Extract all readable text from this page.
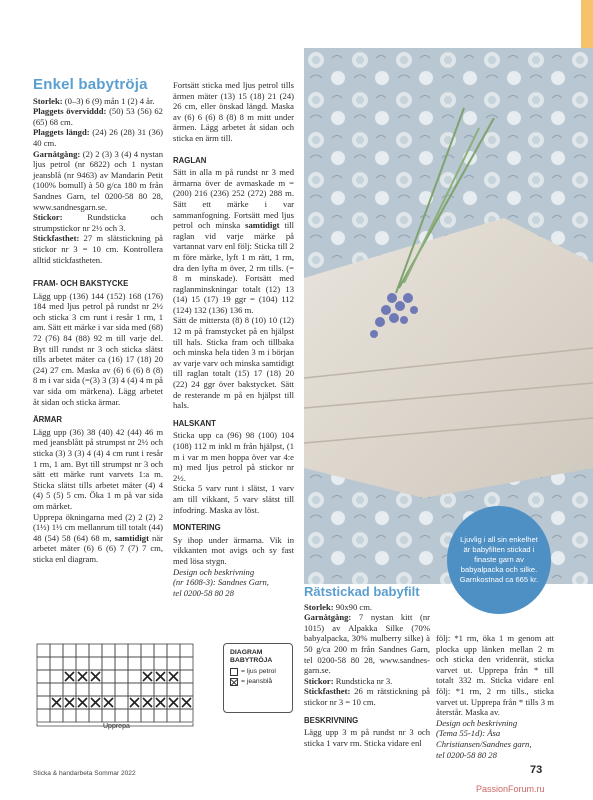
Enkel babytröja

Storlek: (0–3) 6 (9) mån 1 (2) 4 år.

Plaggets överviddd: (50) 53 (56) 62 (65) 68 cm.

Plaggets längd: (24) 26 (28) 31 (36) 40 cm.

Garnåtgång: (2) 2 (3) 3 (4) 4 nystan ljus petrol (nr 6822) och 1 nystan jeansblå (nr 9463) av Mandarin Petit (100% bomull) à 50 g/ca 180 m från Sandnes Garn, tel 0200-58 80 28, www.sandnesgarn.se.

Stickor:	Rundsticka och strumpstickor nr 2½ och 3.

Stickfasthet: 27 m slätstickning på stickor nr 3 = 10 cm. Kontrollera alltid stickfastheten.

FRAM- OCH BAKSTYCKE

Lägg upp (136) 144 (152) 168 (176) 184 med ljus petrol på rundst nr 2½ och sticka 3 cm runt i resår 1 rm, 1 am. Sätt ett märke i var sida med (68) 72 (76) 84 (88) 92 m till varje del. Byt till rundst nr 3 och sticka slätst tills arbetet mäter ca (16) 17 (18) 20 (24) 27 cm. Maska av (6) 6 (6) 8 (8) 8 m i var sida (=(3) 3 (3) 4 (4) 4 m på var sida om märkena). Lägg arbetet åt sidan och sticka ärmar.

ÄRMAR

Lägg upp (36) 38 (40) 42 (44) 46 m med jeansblått på strumpst nr 2½ och sticka (3) 3 (3) 4 (4) 4 cm runt i resår 1 rm, 1 am. Byt till strumpst nr 3 och sätt ett märke runt varvets 1:a m. Sticka slätst tills arbetet mäter (4) 4 (4) 5 (5) 5 cm. Öka 1 m på var sida om märket.

Upprepa ökningarna med (2) 2 (2) 2 (1½) 1½ cm mellanrum till totalt (44) 48 (54) 58 (64) 68 m, samtidigt när arbetet mäter (6) 6 (6) 7 (7) 7 cm, sticka enl diagram.

Fortsätt sticka med ljus petrol tills ärmen mäter (13) 15 (18) 21 (24) 26 cm, eller önskad längd. Maska av (6) 6 (6) 8 (8) 8 m mitt under ärmen. Lägg arbetet åt sidan och sticka en ärm till.

RAGLAN

Sätt in alla m på rundst nr 3 med ärmarna över de avmaskade m = (200) 216 (236) 252 (272) 288 m. Sätt ett märke i var sammanfogning. Fortsätt med ljus petrol och minska samtidigt till raglan vid varje märke på vartannat varv enl följ: Sticka till 2 m före märke, lyft 1 m rätt, 1 rm, dra den lyfta m över, 2 rm tills. (= 8 m minskade). Fortsätt med raglanminskningar totalt (12) 13 (14) 15 (17) 19 ggr = (104) 112 (124) 132 (136) 136 m.

Sätt de mittersta (8) 8 (10) 10 (12) 12 m på framstycket på en hjälpst till hals. Sticka fram och tillbaka och minska hela tiden 3 m i början av varje varv och minska samtidigt till raglan totalt (15) 17 (18) 20 (22) 24 ggr över bakstycket. Sätt de resterande m på en hjälpst till hals.

HALSKANT

Sticka upp ca (96) 98 (100) 104 (108) 112 m inkl m från hjälpst, (1 m i var m men hoppa över var 4:e m) med ljus petrol på stickor nr 2½.

Sticka 5 varv runt i slätst, 1 varv am till vikkant, 5 varv slätst till infodring. Maska av löst.

MONTERING

Sy ihop under ärmarna. Vik in vikkanten mot avigs och sy fast med lösa stygn.

Design och beskrivning

(nr 1608-3): Sandnes Garn,

tel 0200-58 80 28

Ljuvlig i all sin enkelhet är babyfilten stickad i finaste garn av babyalpacka och silke. Garnkostnad ca 665 kr.
Rätstickad babyfilt

Storlek: 90x90 cm.

Garnåtgång: 7 nystan kitt (nr 1015) av Alpakka Silke (70% babyalpacka, 30% mulberry silke) à 50 g/ca 200 m från Sandnes Garn, tel 0200-58 80 28, www.sandnes-garn.se.

Stickor: Rundsticka nr 3.

Stickfasthet: 26 m rätstickning på stickor nr 3 = 10 cm.

BESKRIVNING

Lägg upp 3 m på rundst nr 3 och sticka 1 varv rm. Sticka vidare enl

följ: *1 rm, öka 1 m genom att plocka upp länken mellan 2 m och sticka den vridenrät, sticka varvet ut. Upprepa från * till totalt 332 m. Sticka vidare enl följ: *1 rm, 2 rm tills., sticka varvet ut. Upprepa från * tills 3 m återstår. Maska av.

Design och beskrivning

(Tema 55-1d): Åsa

Christiansen/Sandnes garn,

tel 0200-58 80 28

Upprepa
DIAGRAM
BABYTRÖJA
= ljus petrol
= jeansblå
Sticka & handarbeta Sommar 2022	73
PassionForum.ru
